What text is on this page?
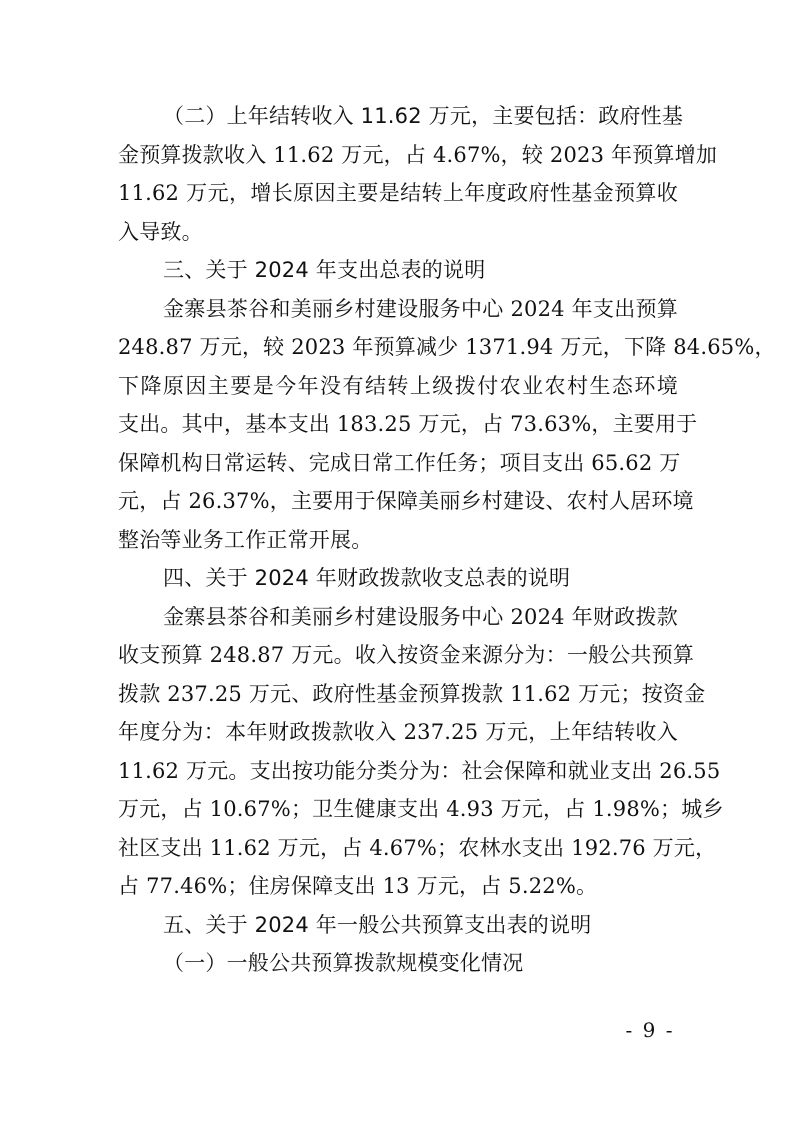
（二）上年结转收入 11.62 万元，主要包括：政府性基
金预算拨款收入 11.62 万元，占 4.67%，较 2023 年预算增加
11.62 万元，增长原因主要是结转上年度政府性基金预算收
入导致。
三、关于 2024 年支出总表的说明
金寨县茶谷和美丽乡村建设服务中心 2024 年支出预算
248.87 万元，较 2023 年预算减少 1371.94 万元，下降 84.65%，
下降原因主要是今年没有结转上级拨付农业农村生态环境
支出。其中，基本支出 183.25 万元，占 73.63%，主要用于
保障机构日常运转、完成日常工作任务；项目支出 65.62 万
元，占 26.37%，主要用于保障美丽乡村建设、农村人居环境
整治等业务工作正常开展。
四、关于 2024 年财政拨款收支总表的说明
金寨县茶谷和美丽乡村建设服务中心 2024 年财政拨款
收支预算 248.87 万元。收入按资金来源分为：一般公共预算
拨款 237.25 万元、政府性基金预算拨款 11.62 万元；按资金
年度分为：本年财政拨款收入 237.25 万元，上年结转收入
11.62 万元。支出按功能分类分为：社会保障和就业支出 26.55
万元，占 10.67%；卫生健康支出 4.93 万元，占 1.98%；城乡
社区支出 11.62 万元，占 4.67%；农林水支出 192.76 万元，
占 77.46%；住房保障支出 13 万元，占 5.22%。
五、关于 2024 年一般公共预算支出表的说明
（一）一般公共预算拨款规模变化情况
- 9 -
